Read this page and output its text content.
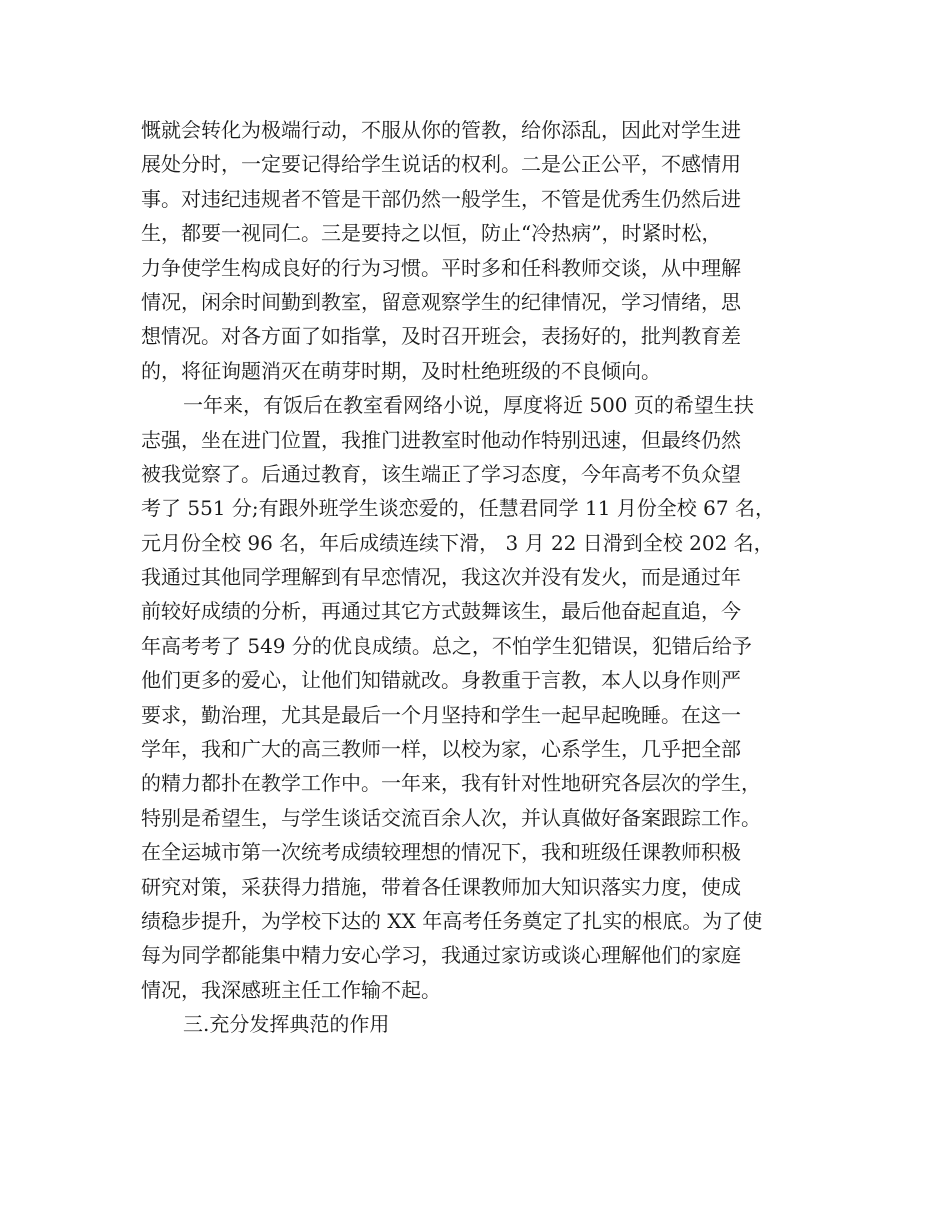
慨就会转化为极端行动，不服从你的管教，给你添乱，因此对学生进
展处分时，一定要记得给学生说话的权利。二是公正公平，不感情用
事。对违纪违规者不管是干部仍然一般学生，不管是优秀生仍然后进
生，都要一视同仁。三是要持之以恒，防止“冷热病”，时紧时松，
力争使学生构成良好的行为习惯。平时多和任科教师交谈，从中理解
情况，闲余时间勤到教室，留意观察学生的纪律情况，学习情绪，思
想情况。对各方面了如指掌，及时召开班会，表扬好的，批判教育差
的，将征询题消灭在萌芽时期，及时杜绝班级的不良倾向。
一年来，有饭后在教室看网络小说，厚度将近 500 页的希望生扶
志强，坐在进门位置，我推门进教室时他动作特别迅速，但最终仍然
被我觉察了。后通过教育，该生端正了学习态度，今年高考不负众望
考了 551 分;有跟外班学生谈恋爱的，任慧君同学 11 月份全校 67 名，
元月份全校 96 名，年后成绩连续下滑， 3 月 22 日滑到全校 202 名，
我通过其他同学理解到有早恋情况，我这次并没有发火，而是通过年
前较好成绩的分析，再通过其它方式鼓舞该生，最后他奋起直追，今
年高考考了 549 分的优良成绩。总之，不怕学生犯错误，犯错后给予
他们更多的爱心，让他们知错就改。身教重于言教，本人以身作则严
要求，勤治理，尤其是最后一个月坚持和学生一起早起晚睡。在这一
学年，我和广大的高三教师一样，以校为家，心系学生，几乎把全部
的精力都扑在教学工作中。一年来，我有针对性地研究各层次的学生，
特别是希望生，与学生谈话交流百余人次，并认真做好备案跟踪工作。
在全运城市第一次统考成绩较理想的情况下，我和班级任课教师积极
研究对策，采获得力措施，带着各任课教师加大知识落实力度，使成
绩稳步提升，为学校下达的 XX 年高考任务奠定了扎实的根底。为了使
每为同学都能集中精力安心学习，我通过家访或谈心理解他们的家庭
情况，我深感班主任工作输不起。
三.充分发挥典范的作用
